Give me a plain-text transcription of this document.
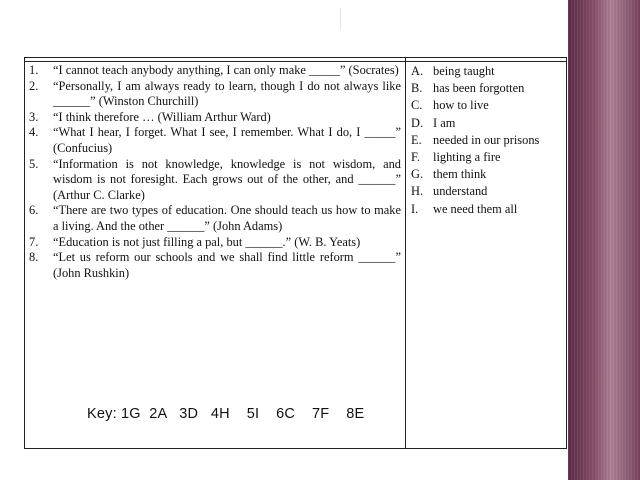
1.	“I cannot teach anybody anything, I can only make _____” (Socrates)
2.	“Personally, I am always ready to learn, though I do not always like ______” (Winston Churchill)
3.	“I think therefore … (William Arthur Ward)
4.	“What I hear, I forget. What I see, I remember. What I do, I _____” (Confucius)
5.	“Information is not knowledge, knowledge is not wisdom, and wisdom is not foresight. Each grows out of the other, and ______” (Arthur C. Clarke)
6.	“There are two types of education. One should teach us how to make a living. And the other ______” (John Adams)
7.	“Education is not just filling a pal, but ______.” (W. B. Yeats)
8.	“Let us reform our schools and we shall find little reform ______” (John Rushkin)
A. being taught
B. has been forgotten
C. how to live
D. I am
E. needed in our prisons
F.	lighting a fire
G. them think
H. understand
I.	we need them all
Key: 1G  2A   3D   4H    5I    6C    7F    8E
